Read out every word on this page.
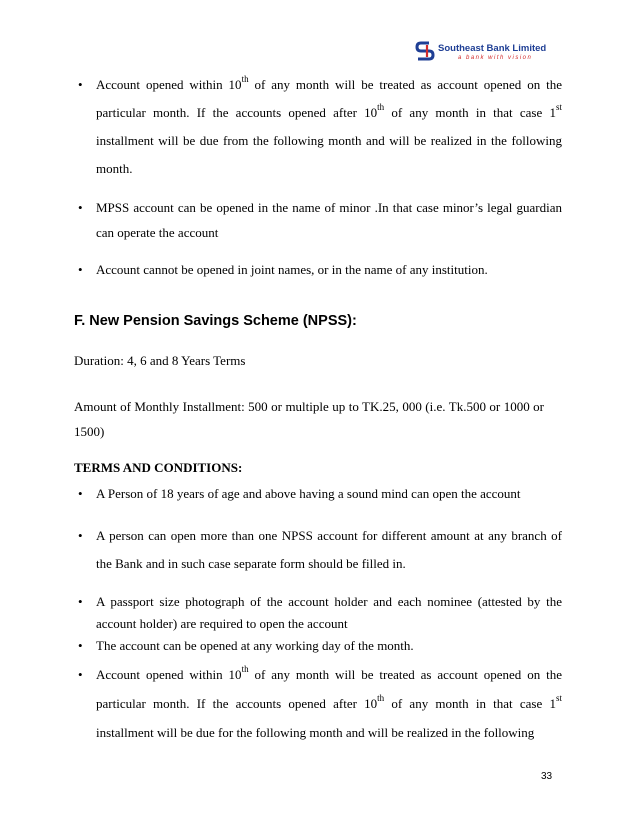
Southeast Bank Limited
a bank with vision
• Account opened within 10th of any month will be treated as account opened on the particular month. If the accounts opened after 10th of any month in that case 1st installment will be due from the following month and will be realized in the following month.
• MPSS account can be opened in the name of minor .In that case minor’s legal guardian can operate the account
• Account cannot be opened in joint names, or in the name of any institution.
F. New Pension Savings Scheme (NPSS):
Duration: 4, 6 and 8 Years Terms
Amount of Monthly Installment: 500 or multiple up to TK.25, 000 (i.e. Tk.500 or 1000 or 1500)
TERMS AND CONDITIONS:
• A Person of 18 years of age and above having a sound mind can open the account
• A person can open more than one NPSS account for different amount at any branch of the Bank and in such case separate form should be filled in.
• A passport size photograph of the account holder and each nominee (attested by the account holder) are required to open the account
• The account can be opened at any working day of the month.
• Account opened within 10th of any month will be treated as account opened on the particular month. If the accounts opened after 10th of any month in that case 1st installment will be due for the following month and will be realized in the following
33
